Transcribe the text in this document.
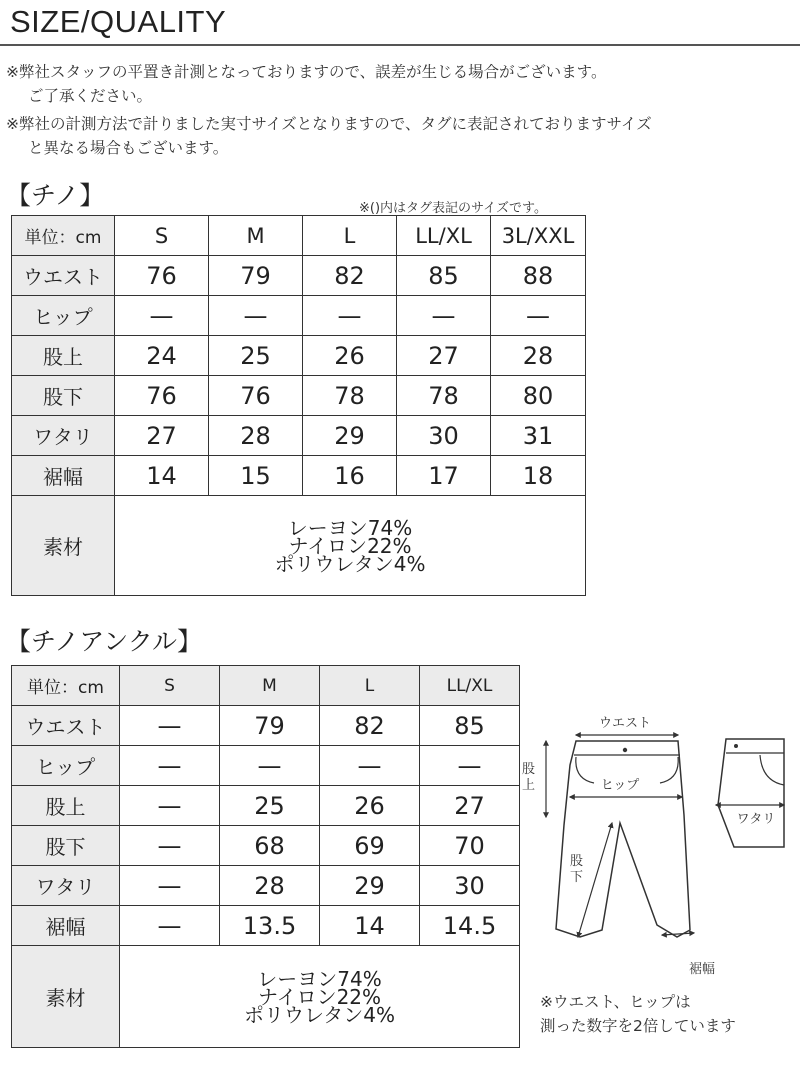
SIZE/QUALITY
※弊社スタッフの平置き計測となっておりますので、誤差が生じる場合がございます。
ご了承ください。
※弊社の計測方法で計りました実寸サイズとなりますので、タグに表記されておりますサイズ
と異なる場合もございます。
【チノ】	※()内はタグ表記のサイズです。
単位：cm	S	M	L	LL/XL	3L/XXL
ウエスト	76	79	82	85	88
ヒップ	—	—	—	—	—
股上	24	25	26	27	28
股下	76	76	78	78	80
ワタリ	27	28	29	30	31
裾幅	14	15	16	17	18
素材	レーヨン74%
ナイロン22%
ポリウレタン4%				
【チノアンクル】
単位：cm	S	M	L	LL/XL
ウエスト	—	79	82	85
ヒップ	—	—	—	—
股上	—	25	26	27
股下	—	68	69	70
ワタリ	—	28	29	30
裾幅	—	13.5	14	14.5
素材	レーヨン74%
ナイロン22%
ポリウレタン4%			
ウエスト
ヒップ
股
上
股
下
裾幅
ワタリ
※ウエスト、ヒップは
測った数字を2倍しています
